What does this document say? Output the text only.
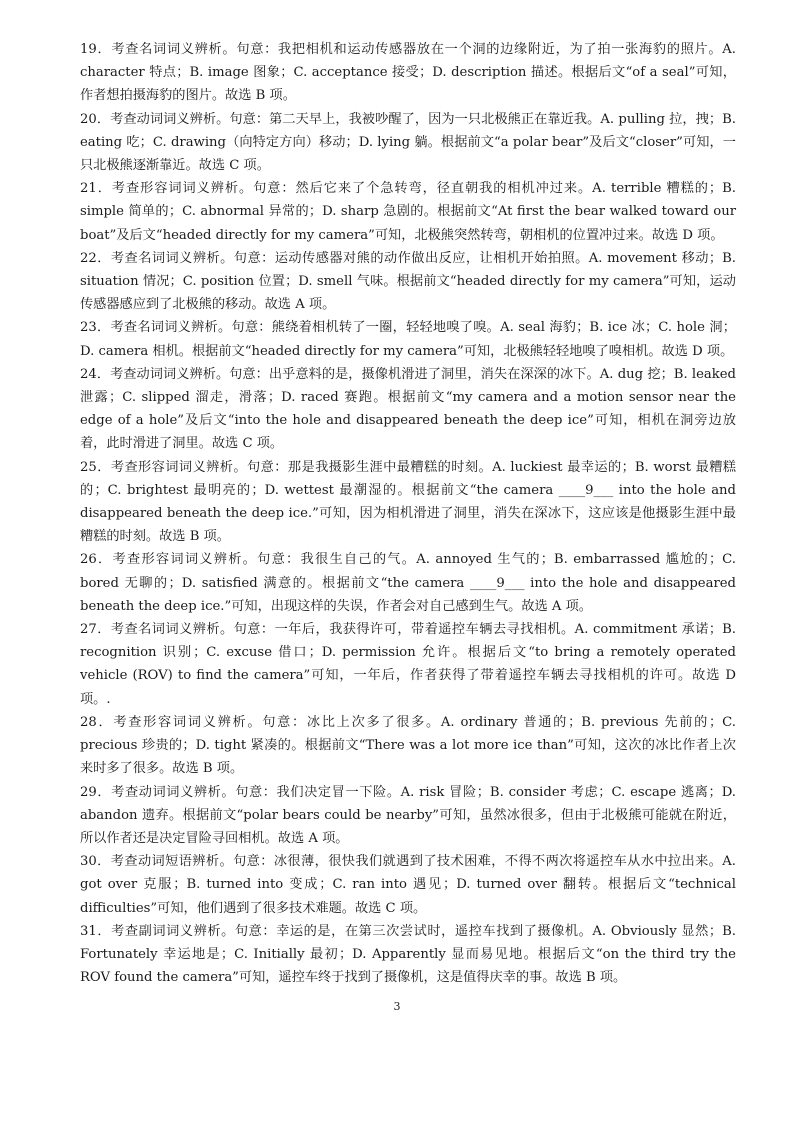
19．考查名词词义辨析。句意：我把相机和运动传感器放在一个洞的边缘附近，为了拍一张海豹的照片。A. character 特点；B. image 图象；C. acceptance 接受；D. description 描述。根据后文“of a seal”可知，作者想拍摄海豹的图片。故选 B 项。

20．考查动词词义辨析。句意：第二天早上，我被吵醒了，因为一只北极熊正在靠近我。A. pulling 拉，拽；B. eating 吃；C. drawing（向特定方向）移动；D. lying 躺。根据前文“a polar bear”及后文“closer”可知，一只北极熊逐渐靠近。故选 C 项。

21．考查形容词词义辨析。句意：然后它来了个急转弯，径直朝我的相机冲过来。A. terrible 糟糕的；B. simple 简单的；C. abnormal 异常的；D. sharp 急剧的。根据前文“At first the bear walked toward our boat”及后文“headed directly for my camera”可知，北极熊突然转弯，朝相机的位置冲过来。故选 D 项。

22．考查名词词义辨析。句意：运动传感器对熊的动作做出反应，让相机开始拍照。A. movement 移动；B. situation 情况；C. position 位置；D. smell 气味。根据前文“headed directly for my camera”可知，运动传感器感应到了北极熊的移动。故选 A 项。

23．考查名词词义辨析。句意：熊绕着相机转了一圈，轻轻地嗅了嗅。A. seal 海豹；B. ice 冰；C. hole 洞；D. camera 相机。根据前文“headed directly for my camera”可知，北极熊轻轻地嗅了嗅相机。故选 D 项。

24．考查动词词义辨析。句意：出乎意料的是，摄像机滑进了洞里，消失在深深的冰下。A. dug 挖；B. leaked 泄露；C. slipped 溜走，滑落；D. raced 赛跑。根据前文“my camera and a motion sensor near the edge of a hole”及后文“into the hole and disappeared beneath the deep ice”可知，相机在洞旁边放着，此时滑进了洞里。故选 C 项。

25．考查形容词词义辨析。句意：那是我摄影生涯中最糟糕的时刻。A. luckiest 最幸运的；B. worst 最糟糕的；C. brightest 最明亮的；D. wettest 最潮湿的。根据前文“the camera ____9___ into the hole and disappeared beneath the deep ice.”可知，因为相机滑进了洞里，消失在深冰下，这应该是他摄影生涯中最糟糕的时刻。故选 B 项。

26．考查形容词词义辨析。句意：我很生自己的气。A. annoyed 生气的；B. embarrassed 尴尬的；C. bored 无聊的；D. satisfied 满意的。根据前文“the camera ____9___ into the hole and disappeared beneath the deep ice.”可知，出现这样的失误，作者会对自己感到生气。故选 A 项。

27．考查名词词义辨析。句意：一年后，我获得许可，带着遥控车辆去寻找相机。A. commitment 承诺；B. recognition 识别；C. excuse 借口；D. permission 允许。根据后文“to bring a remotely operated vehicle (ROV) to find the camera”可知，一年后，作者获得了带着遥控车辆去寻找相机的许可。故选 D 项。.

28．考查形容词词义辨析。句意：冰比上次多了很多。A. ordinary 普通的；B. previous 先前的；C. precious 珍贵的；D. tight 紧凑的。根据前文“There was a lot more ice than”可知，这次的冰比作者上次来时多了很多。故选 B 项。

29．考查动词词义辨析。句意：我们决定冒一下险。A. risk 冒险；B. consider 考虑；C. escape 逃离；D. abandon 遗弃。根据前文“polar bears could be nearby”可知，虽然冰很多，但由于北极熊可能就在附近，所以作者还是决定冒险寻回相机。故选 A 项。

30．考查动词短语辨析。句意：冰很薄，很快我们就遇到了技术困难，不得不两次将遥控车从水中拉出来。A. got over 克服；B. turned into 变成；C. ran into 遇见；D. turned over 翻转。根据后文“technical difficulties”可知，他们遇到了很多技术难题。故选 C 项。

31．考查副词词义辨析。句意：幸运的是，在第三次尝试时，遥控车找到了摄像机。A. Obviously 显然；B. Fortunately 幸运地是；C. Initially 最初；D. Apparently 显而易见地。根据后文“on the third try the ROV found the camera”可知，遥控车终于找到了摄像机，这是值得庆幸的事。故选 B 项。

3
